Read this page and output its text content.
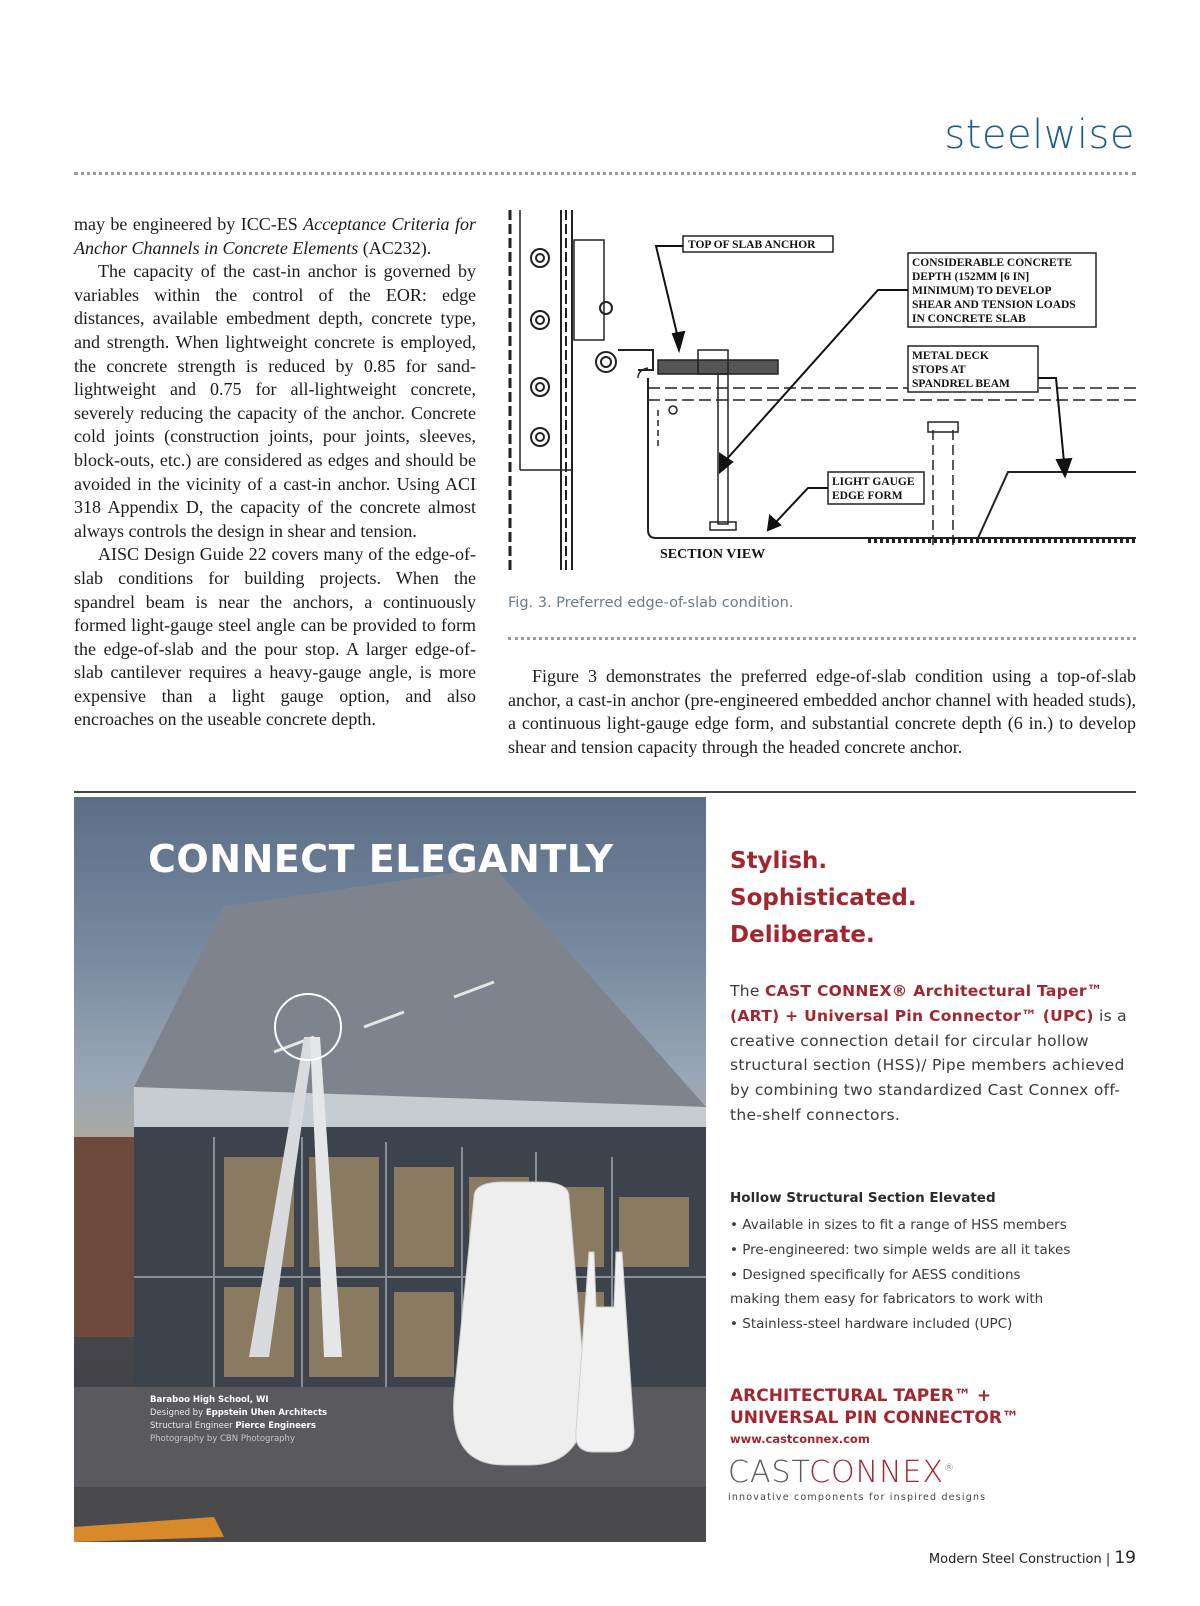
steelwise

may be engineered by ICC-ES Acceptance Criteria for Anchor Channels in Concrete Elements (AC232).

The capacity of the cast-in anchor is governed by variables within the control of the EOR: edge distances, available embedment depth, concrete type, and strength. When lightweight concrete is employed, the concrete strength is reduced by 0.85 for sand-lightweight and 0.75 for all-lightweight concrete, severely reducing the capacity of the anchor. Concrete cold joints (construction joints, pour joints, sleeves, block-outs, etc.) are considered as edges and should be avoided in the vicinity of a cast-in anchor. Using ACI 318 Appendix D, the capacity of the concrete almost always controls the design in shear and tension.

AISC Design Guide 22 covers many of the edge-of-slab conditions for building projects. When the spandrel beam is near the anchors, a continuously formed light-gauge steel angle can be provided to form the edge-of-slab and the pour stop. A larger edge-of-slab cantilever requires a heavy-gauge angle, is more expensive than a light gauge option, and also encroaches on the useable concrete depth.

TOP OF SLAB ANCHOR
CONSIDERABLE CONCRETE
DEPTH (152MM [6 IN]
MINIMUM) TO DEVELOP
SHEAR AND TENSION LOADS
IN CONCRETE SLAB
METAL DECK
STOPS AT
SPANDREL BEAM
LIGHT GAUGE
EDGE FORM
SECTION VIEW
Fig. 3. Preferred edge-of-slab condition.

Figure 3 demonstrates the preferred edge-of-slab condition using a top-of-slab anchor, a cast-in anchor (pre-engineered embedded anchor channel with headed studs), a continuous light-gauge edge form, and substantial concrete depth (6 in.) to develop shear and tension capacity through the headed concrete anchor.

CONNECT ELEGANTLY
Baraboo High School, WI
Designed by Eppstein Uhen Architects
Structural Engineer Pierce Engineers
Photography by CBN Photography
Stylish.
Sophisticated.
Deliberate.
The CAST CONNEX® Architectural Taper™ (ART) + Universal Pin Connector™ (UPC) is a creative connection detail for circular hollow structural section (HSS)/ Pipe members achieved by combining two standardized Cast Connex off-the-shelf connectors.
Hollow Structural Section Elevated
• Available in sizes to fit a range of HSS members
• Pre-engineered: two simple welds are all it takes
• Designed specifically for AESS conditions
making them easy for fabricators to work with
• Stainless-steel hardware included (UPC)
ARCHITECTURAL TAPER™ +
UNIVERSAL PIN CONNECTOR™
www.castconnex.com
CASTCONNEX®
innovative components for inspired designs
Modern Steel Construction | 19
